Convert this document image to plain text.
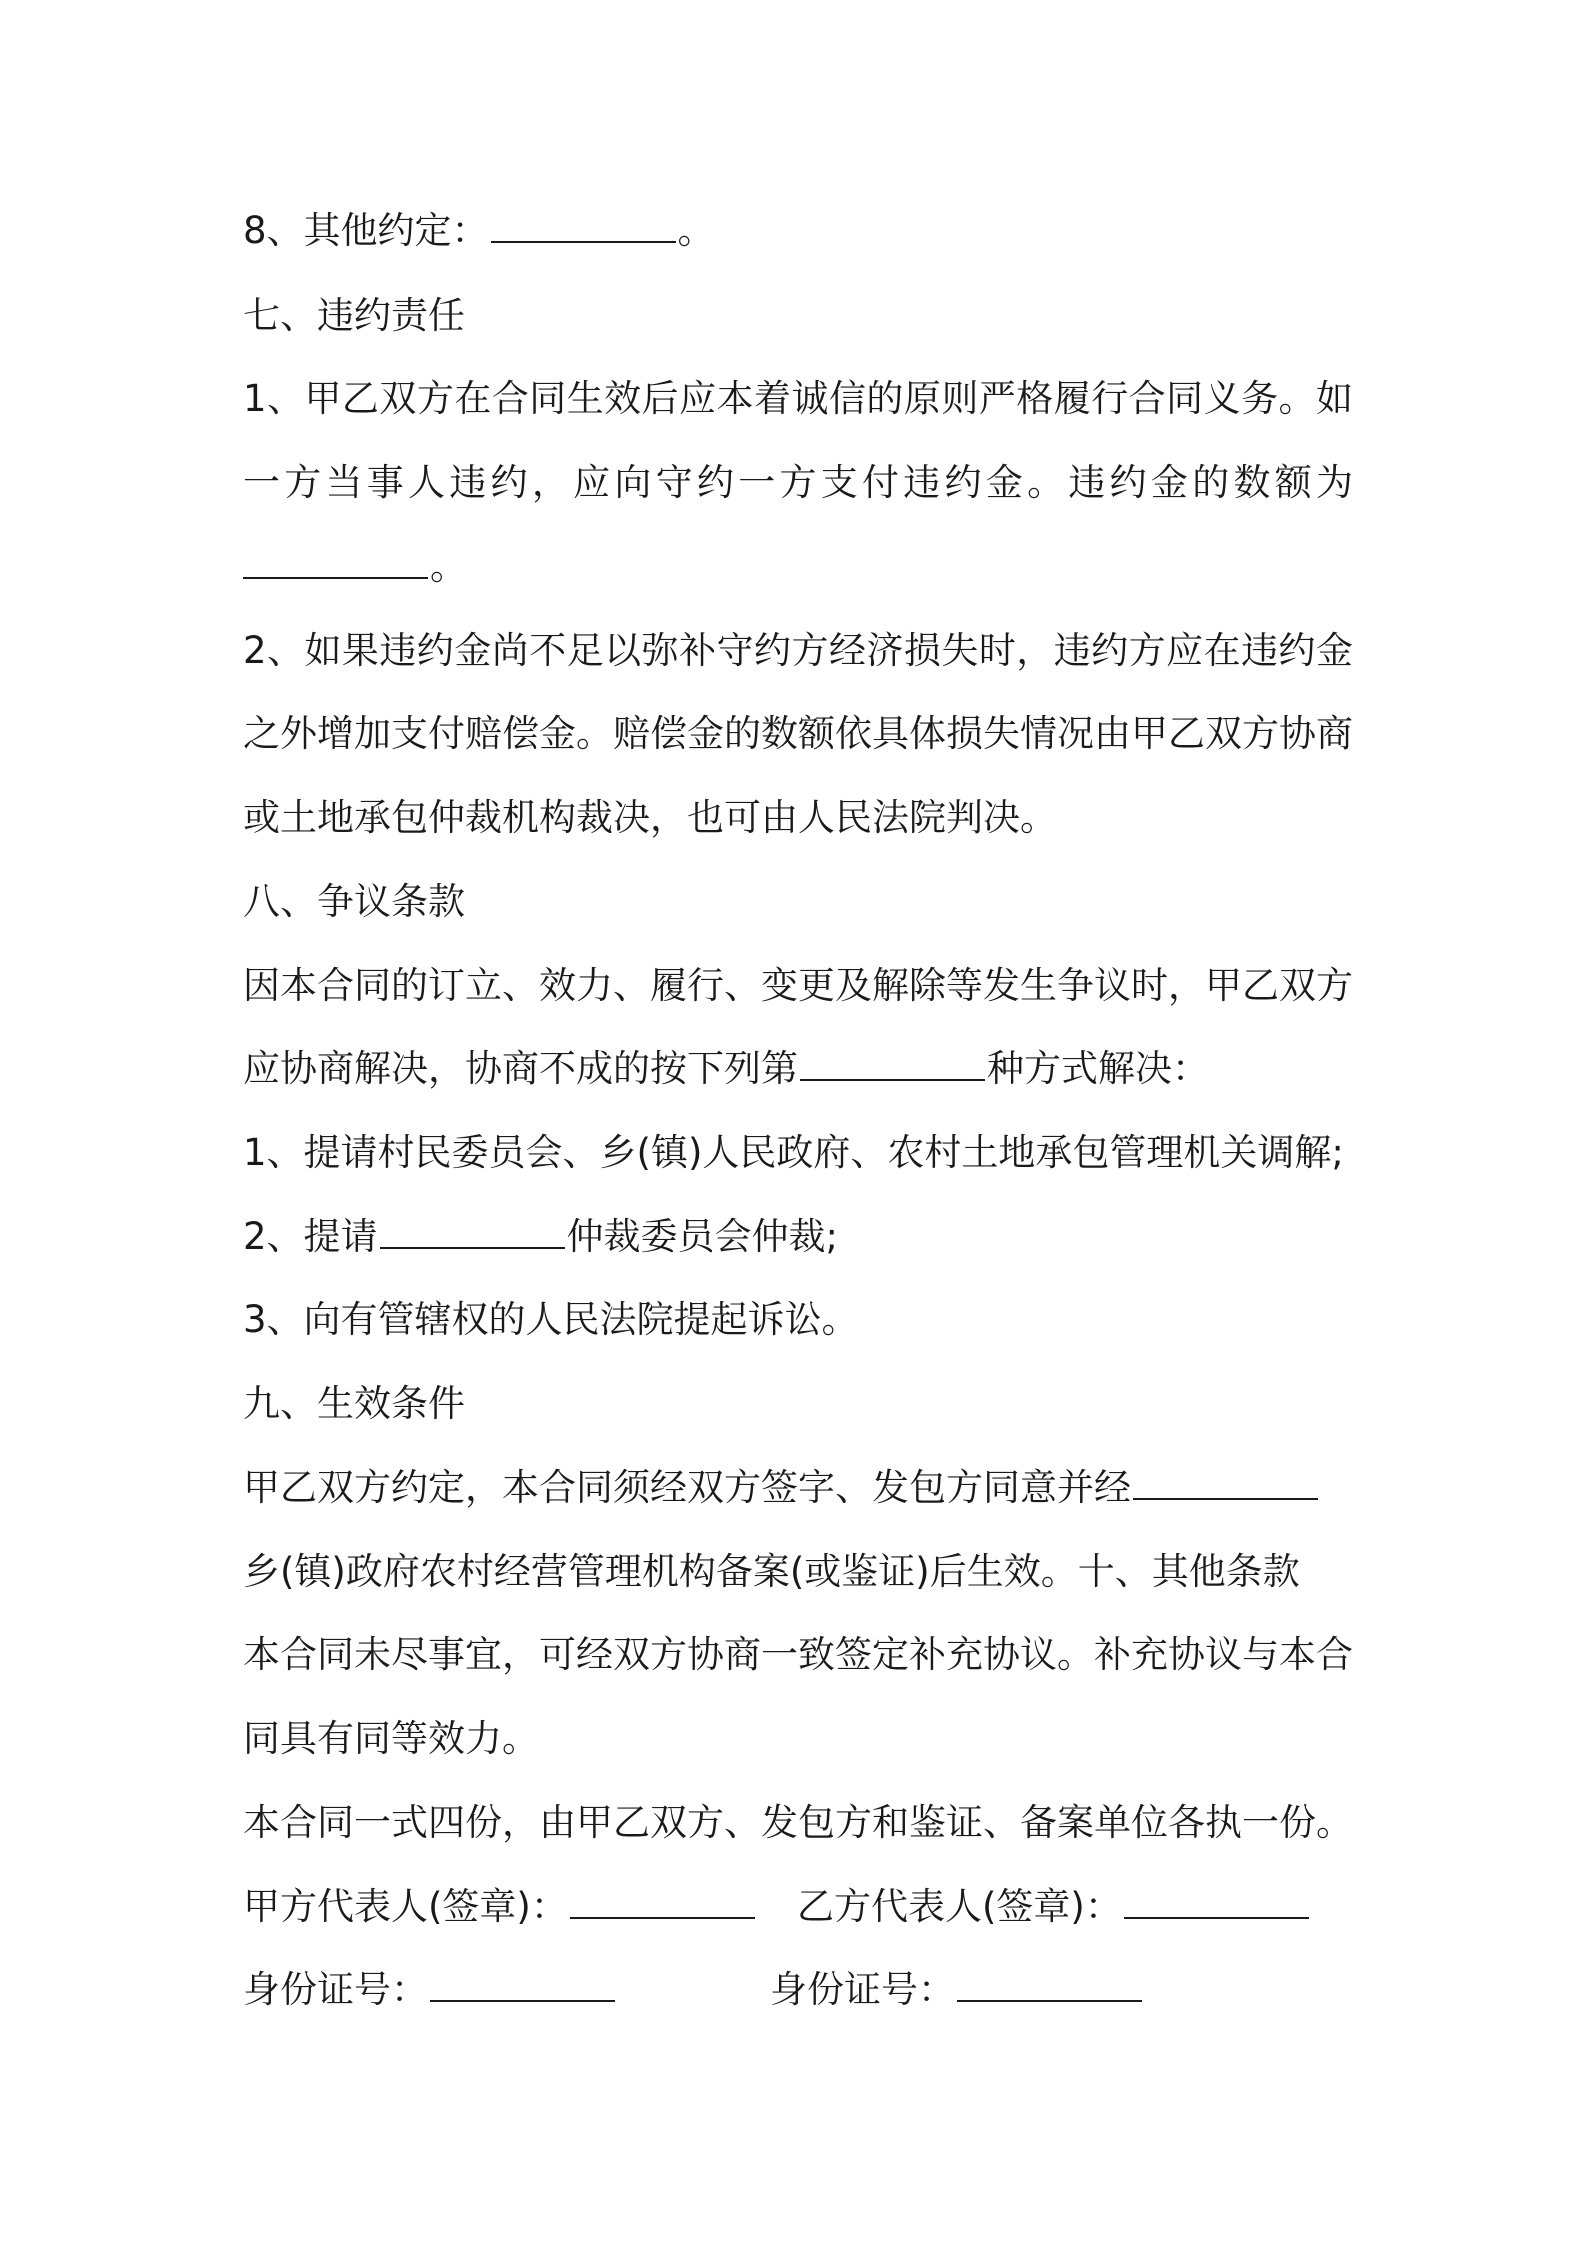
8、其他约定：	。
七、违约责任
1、甲乙双方在合同生效后应本着诚信的原则严格履行合同义务。如
一方当事人违约，应向守约一方支付违约金。违约金的数额为
。
2、如果违约金尚不足以弥补守约方经济损失时，违约方应在违约金
之外增加支付赔偿金。赔偿金的数额依具体损失情况由甲乙双方协商
或土地承包仲裁机构裁决，也可由人民法院判决。
八、争议条款
因本合同的订立、效力、履行、变更及解除等发生争议时，甲乙双方
应协商解决，协商不成的按下列第	种方式解决：
1、提请村民委员会、乡(镇)人民政府、农村土地承包管理机关调解;
2、提请	仲裁委员会仲裁;
3、向有管辖权的人民法院提起诉讼。
九、生效条件
甲乙双方约定，本合同须经双方签字、发包方同意并经
乡(镇)政府农村经营管理机构备案(或鉴证)后生效。十、其他条款
本合同未尽事宜，可经双方协商一致签定补充协议。补充协议与本合
同具有同等效力。
本合同一式四份，由甲乙双方、发包方和鉴证、备案单位各执一份。
甲方代表人(签章)：	乙方代表人(签章)：
身份证号：	身份证号：
